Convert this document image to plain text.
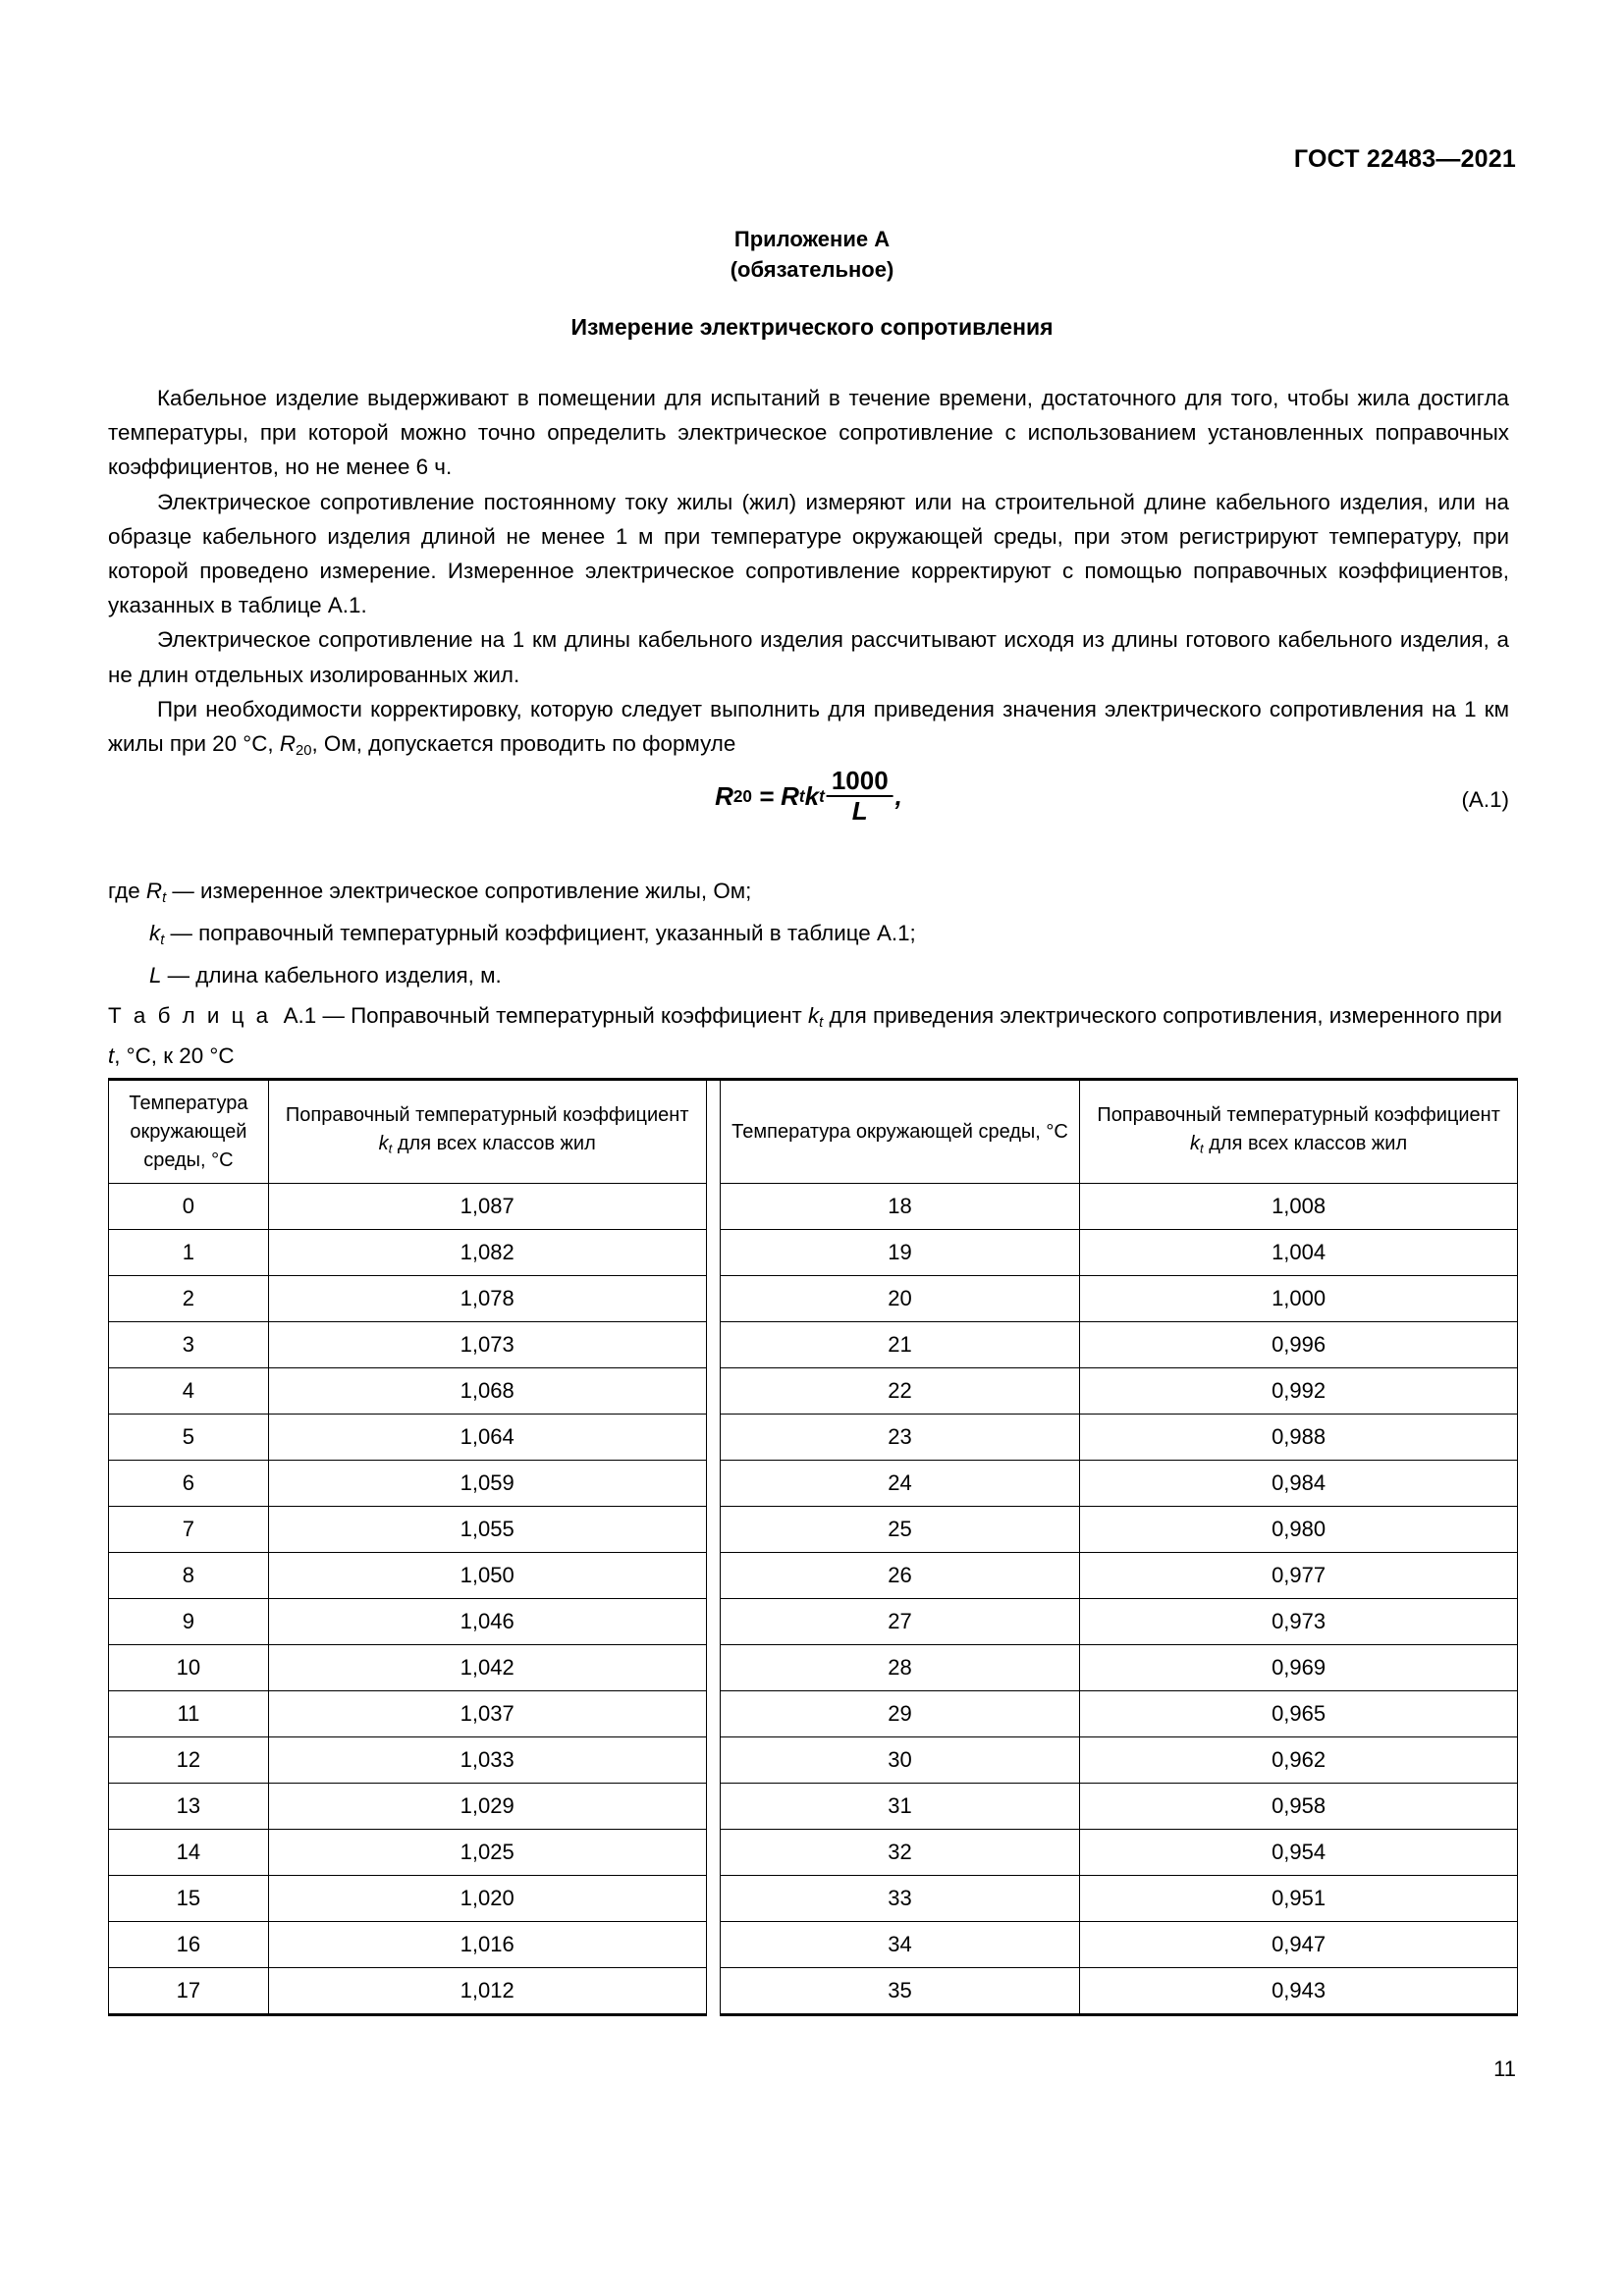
ГОСТ 22483—2021
Приложение А
(обязательное)
Измерение электрического сопротивления

Кабельное изделие выдерживают в помещении для испытаний в течение времени, достаточного для того, чтобы жила достигла температуры, при которой можно точно определить электрическое сопротивление с использованием установленных поправочных коэффициентов, но не менее 6 ч.

Электрическое сопротивление постоянному току жилы (жил) измеряют или на строительной длине кабельного изделия, или на образце кабельного изделия длиной не менее 1 м при температуре окружающей среды, при этом регистрируют температуру, при которой проведено измерение. Измеренное электрическое сопротивление корректируют с помощью поправочных коэффициентов, указанных в таблице А.1.

Электрическое сопротивление на 1 км длины кабельного изделия рассчитывают исходя из длины готового кабельного изделия, а не длин отдельных изолированных жил.

При необходимости корректировку, которую следует выполнить для приведения значения электрического сопротивления на 1 км жилы при 20 °C, $R_{20}$, Ом, допускается проводить по формуле

R 20 = R t k t $\frac{1000}{L}$ ,	(А.1)
где $R_t$ — измеренное электрическое сопротивление жилы, Ом;
$k_t$ — поправочный температурный коэффициент, указанный в таблице А.1;
L — длина кабельного изделия, м.
Т а б л и ц а А.1 — Поправочный температурный коэффициент $k_t$ для приведения электрического сопротивления, измеренного при t, °C, к 20 °C
Температура окружающей среды, °C	Поправочный температурный коэффициент $k_t$ для всех классов жил		Температура окружающей среды, °C	Поправочный температурный коэффициент $k_t$ для всех классов жил
0	1,087		18	1,008
1	1,082		19	1,004
2	1,078		20	1,000
3	1,073		21	0,996
4	1,068		22	0,992
5	1,064		23	0,988
6	1,059		24	0,984
7	1,055		25	0,980
8	1,050		26	0,977
9	1,046		27	0,973
10	1,042		28	0,969
11	1,037		29	0,965
12	1,033		30	0,962
13	1,029		31	0,958
14	1,025		32	0,954
15	1,020		33	0,951
16	1,016		34	0,947
17	1,012		35	0,943
11
